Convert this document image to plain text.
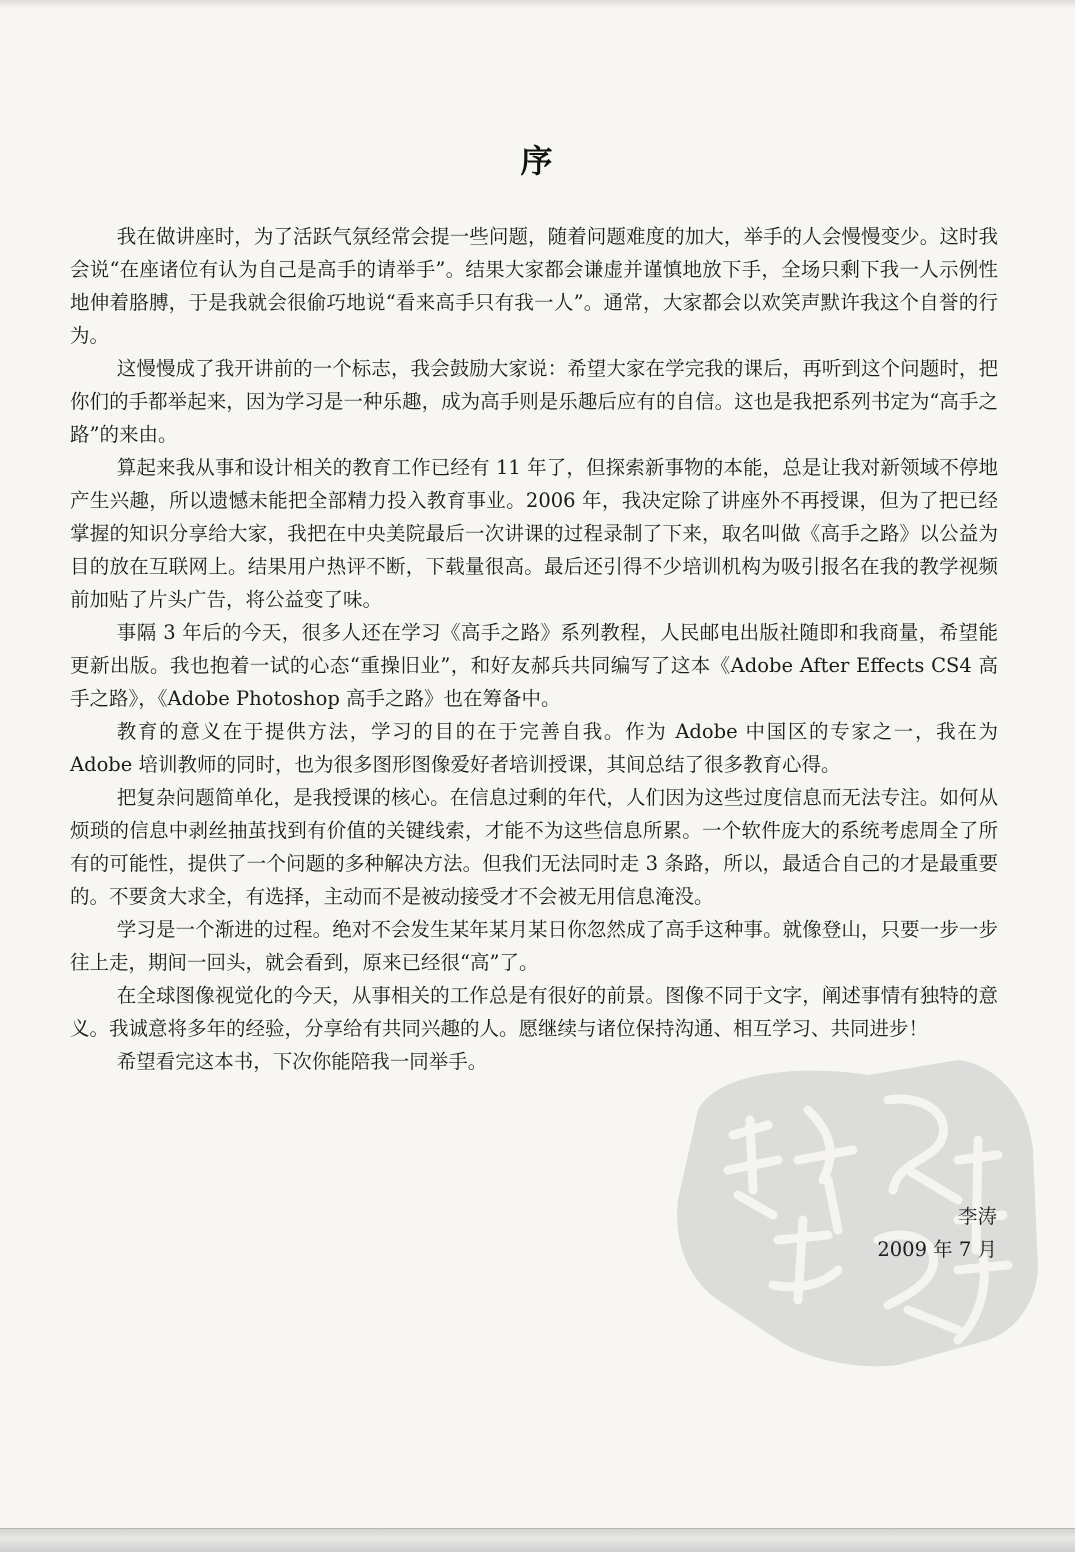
序

我在做讲座时，为了活跃气氛经常会提一些问题，随着问题难度的加大，举手的人会慢慢变少。这时我会说“在座诸位有认为自己是高手的请举手”。结果大家都会谦虚并谨慎地放下手，全场只剩下我一人示例性地伸着胳膊，于是我就会很偷巧地说“看来高手只有我一人”。通常，大家都会以欢笑声默许我这个自誉的行为。

这慢慢成了我开讲前的一个标志，我会鼓励大家说：希望大家在学完我的课后，再听到这个问题时，把你们的手都举起来，因为学习是一种乐趣，成为高手则是乐趣后应有的自信。这也是我把系列书定为“高手之路”的来由。

算起来我从事和设计相关的教育工作已经有 11 年了，但探索新事物的本能，总是让我对新领域不停地产生兴趣，所以遗憾未能把全部精力投入教育事业。2006 年，我决定除了讲座外不再授课，但为了把已经掌握的知识分享给大家，我把在中央美院最后一次讲课的过程录制了下来，取名叫做《高手之路》以公益为目的放在互联网上。结果用户热评不断，下载量很高。最后还引得不少培训机构为吸引报名在我的教学视频前加贴了片头广告，将公益变了味。

事隔 3 年后的今天，很多人还在学习《高手之路》系列教程，人民邮电出版社随即和我商量，希望能更新出版。我也抱着一试的心态“重操旧业”，和好友郝兵共同编写了这本《Adobe After Effects CS4 高手之路》，《Adobe Photoshop 高手之路》也在筹备中。

教育的意义在于提供方法，学习的目的在于完善自我。作为 Adobe 中国区的专家之一，我在为 Adobe 培训教师的同时，也为很多图形图像爱好者培训授课，其间总结了很多教育心得。

把复杂问题简单化，是我授课的核心。在信息过剩的年代，人们因为这些过度信息而无法专注。如何从烦琐的信息中剥丝抽茧找到有价值的关键线索，才能不为这些信息所累。一个软件庞大的系统考虑周全了所有的可能性，提供了一个问题的多种解决方法。但我们无法同时走 3 条路，所以，最适合自己的才是最重要的。不要贪大求全，有选择，主动而不是被动接受才不会被无用信息淹没。

学习是一个渐进的过程。绝对不会发生某年某月某日你忽然成了高手这种事。就像登山，只要一步一步往上走，期间一回头，就会看到，原来已经很“高”了。

在全球图像视觉化的今天，从事相关的工作总是有很好的前景。图像不同于文字，阐述事情有独特的意义。我诚意将多年的经验，分享给有共同兴趣的人。愿继续与诸位保持沟通、相互学习、共同进步！

希望看完这本书，下次你能陪我一同举手。

李涛
2009 年 7 月
